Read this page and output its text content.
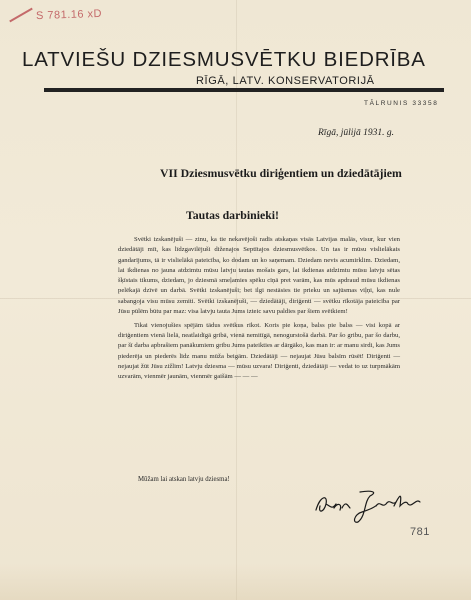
S 781.16 xD
LATVIEŠU DZIESMUSVĒTKU BIEDRĪBA
RĪGĀ, LATV. KONSERVATORIJĀ
TĀLRUNIS 33358
Rīgā, jūlijā 1931. g.
VII Dziesmusvētku diriģentiem un dziedātājiem
Tautas darbinieki!

Svētki izskanējuši — zinu, ka tie nekavējoši radīs atskaņas visās Latvijas malās, visur, kur vien dziedātāji mīt, kas līdzgavilējuši diženajos Septītajos dziesmusvētkos. Un tas ir mūsu vislielākais gandarījums, tā ir vislielākā pateicība, ko dodam un ko saņemam. Dziedam nevis acumirklim. Dziedam, lai ikdienas no jauna atdzimtu mūsu latvju tautas mošais gars, lai ikdienas atdzimtu mūsu latvju sētas šķīstais tikums, dziedam, jo dziesmā smeļamies spēku cīņā pret varām, kas mūs apdraud mūsu ikdienas pelēkajā dzīvē un darbā. Svētki izskanējuši; bet ilgi nestāsies tie prieku un sajūsmas viļņi, kas nule sabangoja visu mūsu zemiti. Svētki izskanējuši, — dziedātāji, diriģenti — svētku rīkotāja pateicība par Jūsu pūlēm būtu par maz: visa latvju tauta Jums izteic savu paldies par šiem svētkiem!

Tikai vienojušies spējām tādus svētkus rīkot. Koris pie koņa, balss pie balss — visi kopā ar diriģentiem vienā lielā, neatlaidīgā gribā, vienā nemitīgā, nenogurstošā darbā. Par šo gribu, par šo darbu, par šī darba apbrašiem panākumiem gribu Jums pateikties ar dārgāko, kas man ir: ar manu sirdi, kas Jums piederēja un piederēs līdz manu mūža beigām. Dziedātāji — nejaujat Jūsu balsīm rūsēt! Diriģenti — nejaujat žūt Jūsu zižlim! Latvju dziesma — mūsu uzvara! Diriģenti, dziedātāji — vedat to uz turpmākām uzvarām, vienmēr jaunām, vienmēr gaišām — — —

Mūžam lai atskan latvju dziesma!
781
